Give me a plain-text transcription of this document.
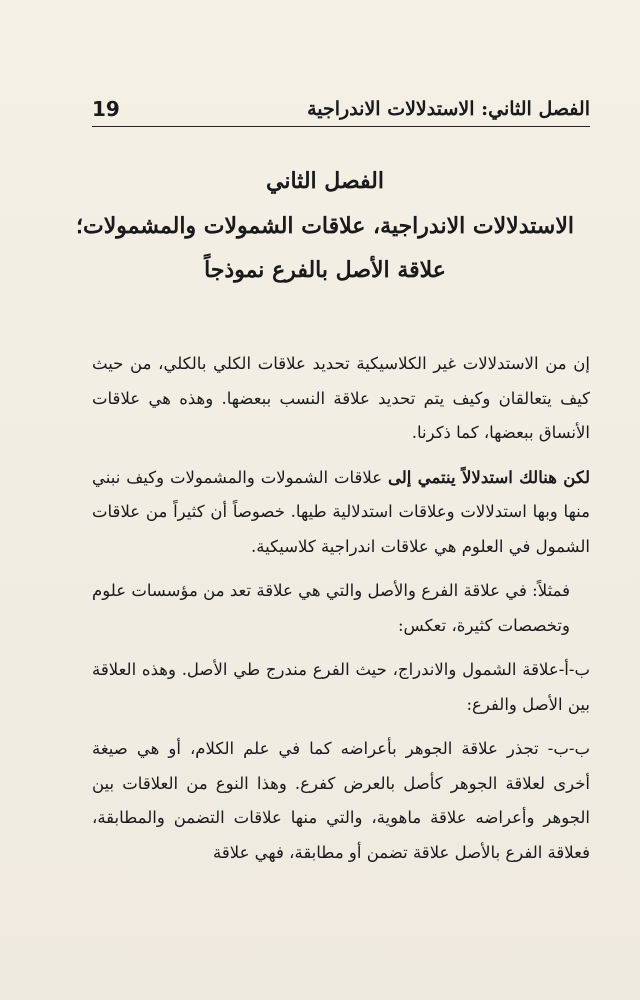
الفصل الثاني: الاستدلالات الاندراجية
19
الفصل الثاني
الاستدلالات الاندراجية، علاقات الشمولات والمشمولات؛
علاقة الأصل بالفرع نموذجاً

إن من الاستدلالات غير الكلاسيكية تحديد علاقات الكلي بالكلي، من حيث كيف يتعالقان وكيف يتم تحديد علاقة النسب ببعضها. وهذه هي علاقات الأنساق ببعضها، كما ذكرنا.

لكن هنالك استدلالاً ينتمي إلى علاقات الشمولات والمشمولات وكيف نبني منها وبها استدلالات وعلاقات استدلالية طيها. خصوصاً أن كثيراً من علاقات الشمول في العلوم هي علاقات اندراجية كلاسيكية.

فمثلاً: في علاقة الفرع والأصل والتي هي علاقة تعد من مؤسسات علوم وتخصصات كثيرة، تعكس:

ب-أ-علاقة الشمول والاندراج، حيث الفرع مندرج طي الأصل. وهذه العلاقة بين الأصل والفرع:

ب-ب- تجذر علاقة الجوهر بأعراضه كما في علم الكلام، أو هي صيغة أخرى لعلاقة الجوهر كأصل بالعرض كفرع. وهذا النوع من العلاقات بين الجوهر وأعراضه علاقة ماهوية، والتي منها علاقات التضمن والمطابقة، فعلاقة الفرع بالأصل علاقة تضمن أو مطابقة، فهي علاقة
